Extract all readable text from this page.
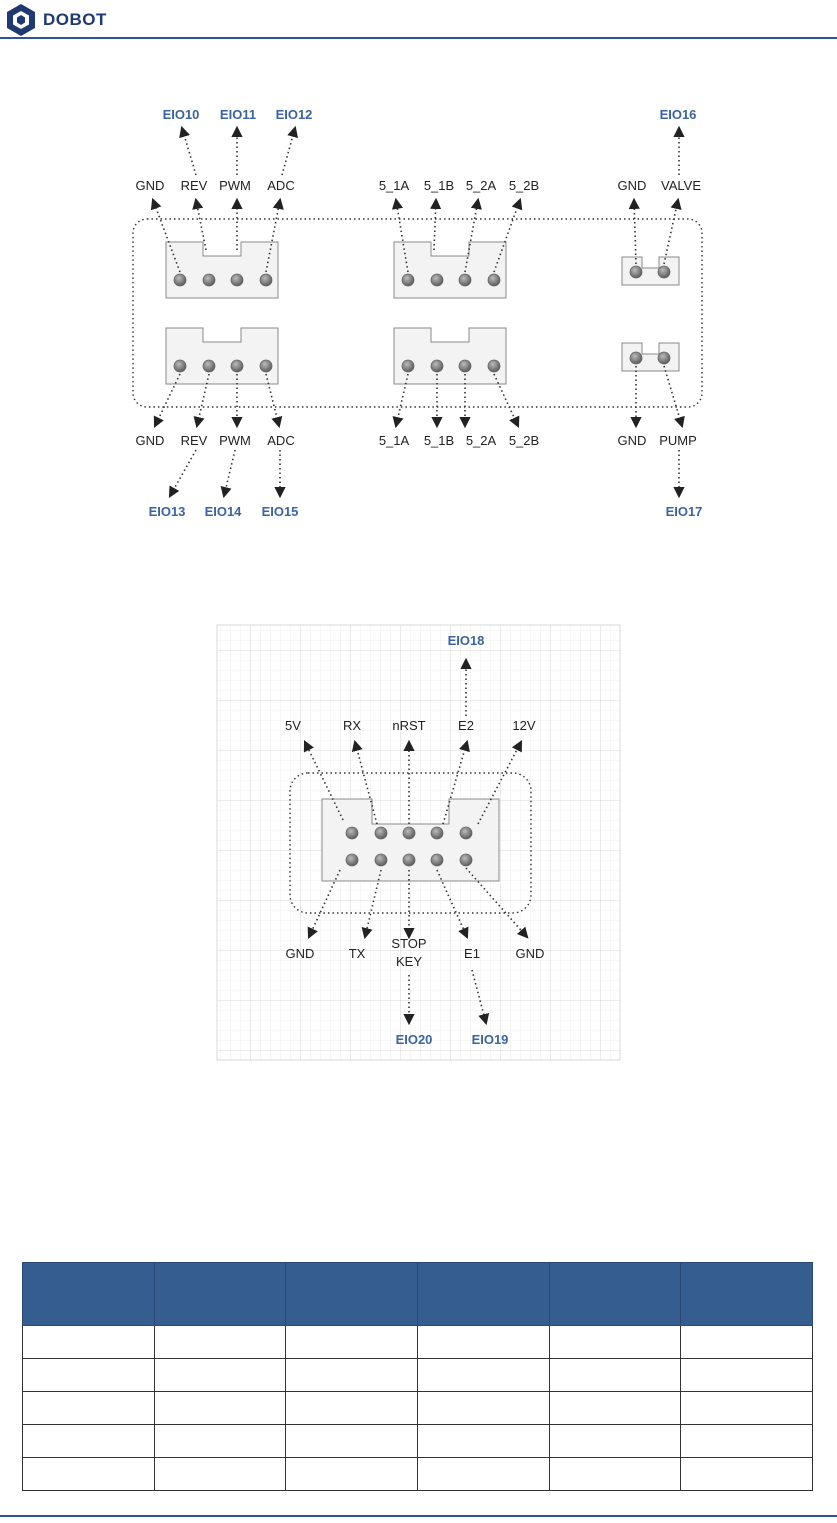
DOBOT
EIO10 EIO11 EIO12	EIO16
GND REV PWM ADC	5_1A 5_1B 5_2A 5_2B	GND VALVE
GND REV PWM ADC	5_1A 5_1B 5_2A 5_2B	GND PUMP
EIO13 EIO14 EIO15	EIO17
EIO18
5V	RX nRST E2	12V
GND	TX
STOP
KEY
E1	GND
EIO20	EIO19
